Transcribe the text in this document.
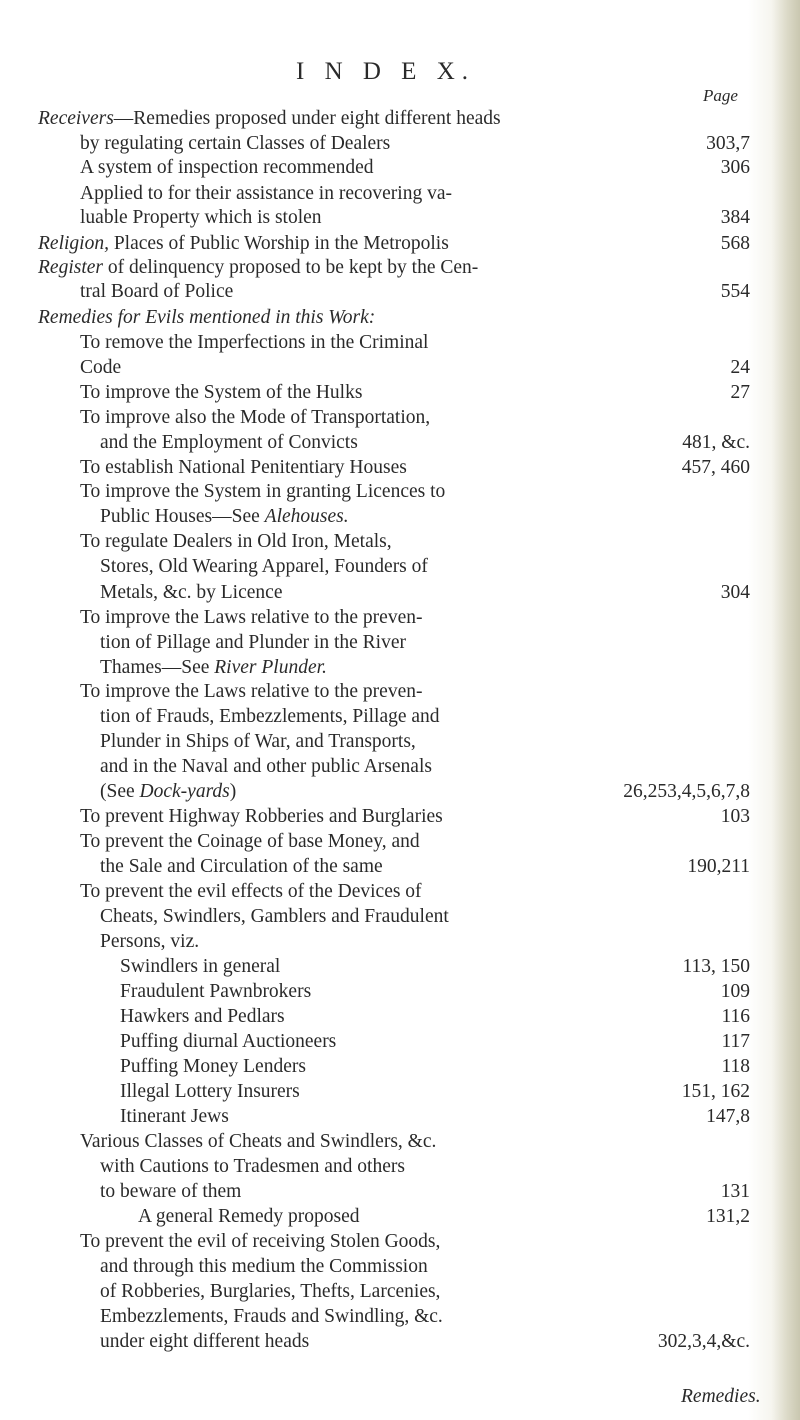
I N D E X.
Page
Receivers—Remedies proposed under eight different heads
by regulating certain Classes of Dealers	303,7
A system of inspection recommended	306
Applied to for their assistance in recovering va-
luable Property which is stolen	384
Religion, Places of Public Worship in the Metropolis	568
Register of delinquency proposed to be kept by the Cen-
tral Board of Police	554
Remedies for Evils mentioned in this Work:
To remove the Imperfections in the Criminal
Code	24
To improve the System of the Hulks	27
To improve also the Mode of Transportation,
and the Employment of Convicts	481, &c.
To establish National Penitentiary Houses	457, 460
To improve the System in granting Licences to
Public Houses—See Alehouses.
To regulate Dealers in Old Iron, Metals,
Stores, Old Wearing Apparel, Founders of
Metals, &c. by Licence	304
To improve the Laws relative to the preven-
tion of Pillage and Plunder in the River
Thames—See River Plunder.
To improve the Laws relative to the preven-
tion of Frauds, Embezzlements, Pillage and
Plunder in Ships of War, and Transports,
and in the Naval and other public Arsenals
(See Dock-yards)	26,253,4,5,6,7,8
To prevent Highway Robberies and Burglaries	103
To prevent the Coinage of base Money, and
the Sale and Circulation of the same	190,211
To prevent the evil effects of the Devices of
Cheats, Swindlers, Gamblers and Fraudulent
Persons, viz.
Swindlers in general	113, 150
Fraudulent Pawnbrokers	109
Hawkers and Pedlars	116
Puffing diurnal Auctioneers	117
Puffing Money Lenders	118
Illegal Lottery Insurers	151, 162
Itinerant Jews	147,8
Various Classes of Cheats and Swindlers, &c.
with Cautions to Tradesmen and others
to beware of them	131
A general Remedy proposed	131,2
To prevent the evil of receiving Stolen Goods,
and through this medium the Commission
of Robberies, Burglaries, Thefts, Larcenies,
Embezzlements, Frauds and Swindling, &c.
under eight different heads	302,3,4,&c.
Remedies.
